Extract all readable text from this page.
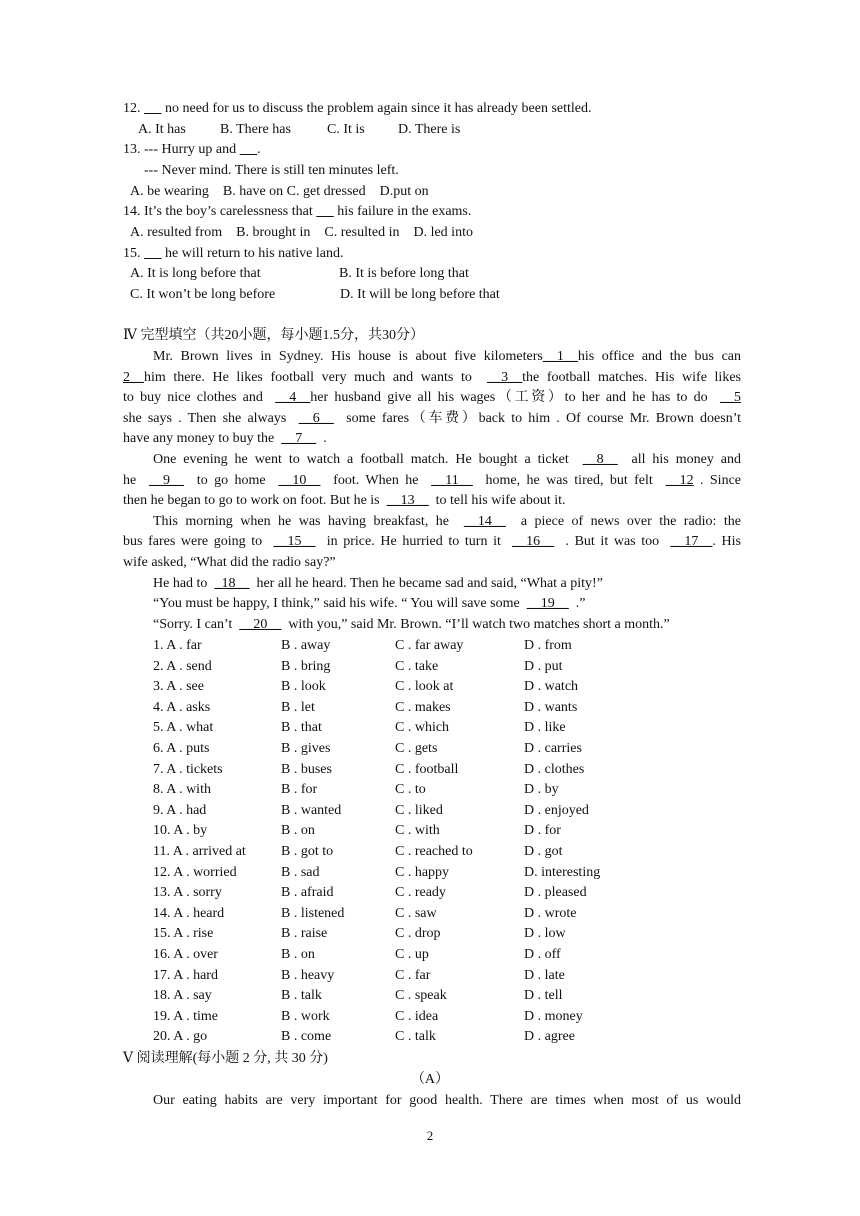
12. no need for us to discuss the problem again since it has already been settled.
A. It has B. There has	C. It is D. There is
13. --- Hurry up and .
--- Never mind. There is still ten minutes left.
A. be wearing    B. have on C. get dressed    D.put on
14. It’s the boy’s carelessness that his failure in the exams.
A. resulted from    B. brought in    C. resulted in    D. led into
15. he will return to his native land.
A. It is long before that	B. It is before long that
C. It won’t be long before	D. It will be long before that
Ⅳ 完型填空（共20小题，每小题1.5分，共30分）
Mr. Brown lives in Sydney. His house is about five kilometers__1__his office and the bus can
2__him there. He likes football very much and wants to  __3__the football matches. His wife likes
to buy nice clothes and  __4__her husband give all his wages（工资）to her and he has to do  __5
she says . Then she always  __6__  some fares（车费）back to him . Of course Mr. Brown doesn’t
have any money to buy the  __7__  .
One evening he went to watch a football match. He bought a ticket  __8__  all his money and
he  __9__  to go home  __10__  foot. When he  __11__  home, he was tired, but felt  __12 . Since
then he began to go to work on foot. But he is  __13__  to tell his wife about it.
This morning when he was having breakfast, he  __14__  a piece of news over the radio: the
bus fares were going to  __15__  in price. He hurried to turn it  __16__  . But it was too  __17__. His
wife asked, “What did the radio say?”
He had to  _18__  her all he heard. Then he became sad and said, “What a pity!”
“You must be happy, I think,” said his wife. “ You will save some  __19__  .”
“Sorry. I can’t  __20__  with you,” said Mr. Brown. “I’ll watch two matches short a month.”
1. A . far	B . away	C . far away	D . from
2. A . send	B . bring	C . take	D . put
3. A . see	B . look	C . look at	D . watch
4. A . asks	B . let	C . makes	D . wants
5. A . what	B . that	C . which	D . like
6. A . puts	B . gives	C . gets	D . carries
7. A . tickets	B . buses	C . football	D . clothes
8. A . with	B . for	C . to	D . by
9. A . had	B . wanted	C . liked	D . enjoyed
10. A . by	B . on	C . with	D . for
11. A . arrived at	B . got to	C . reached to	D . got
12. A . worried	B . sad	C . happy	D. interesting
13. A . sorry	B . afraid	C . ready	D . pleased
14. A . heard	B . listened	C . saw	D . wrote
15. A . rise	B . raise	C . drop	D . low
16. A . over	B . on	C . up	D . off
17. A . hard	B . heavy	C . far	D . late
18. A . say	B . talk	C . speak	D . tell
19. A . time	B . work	C . idea	D . money
20. A . go	B . come	C . talk	D . agree
Ⅴ 阅读理解(每小题 2 分, 共 30 分)
（A）
Our eating habits are very important for good health. There are times when most of us would
2
